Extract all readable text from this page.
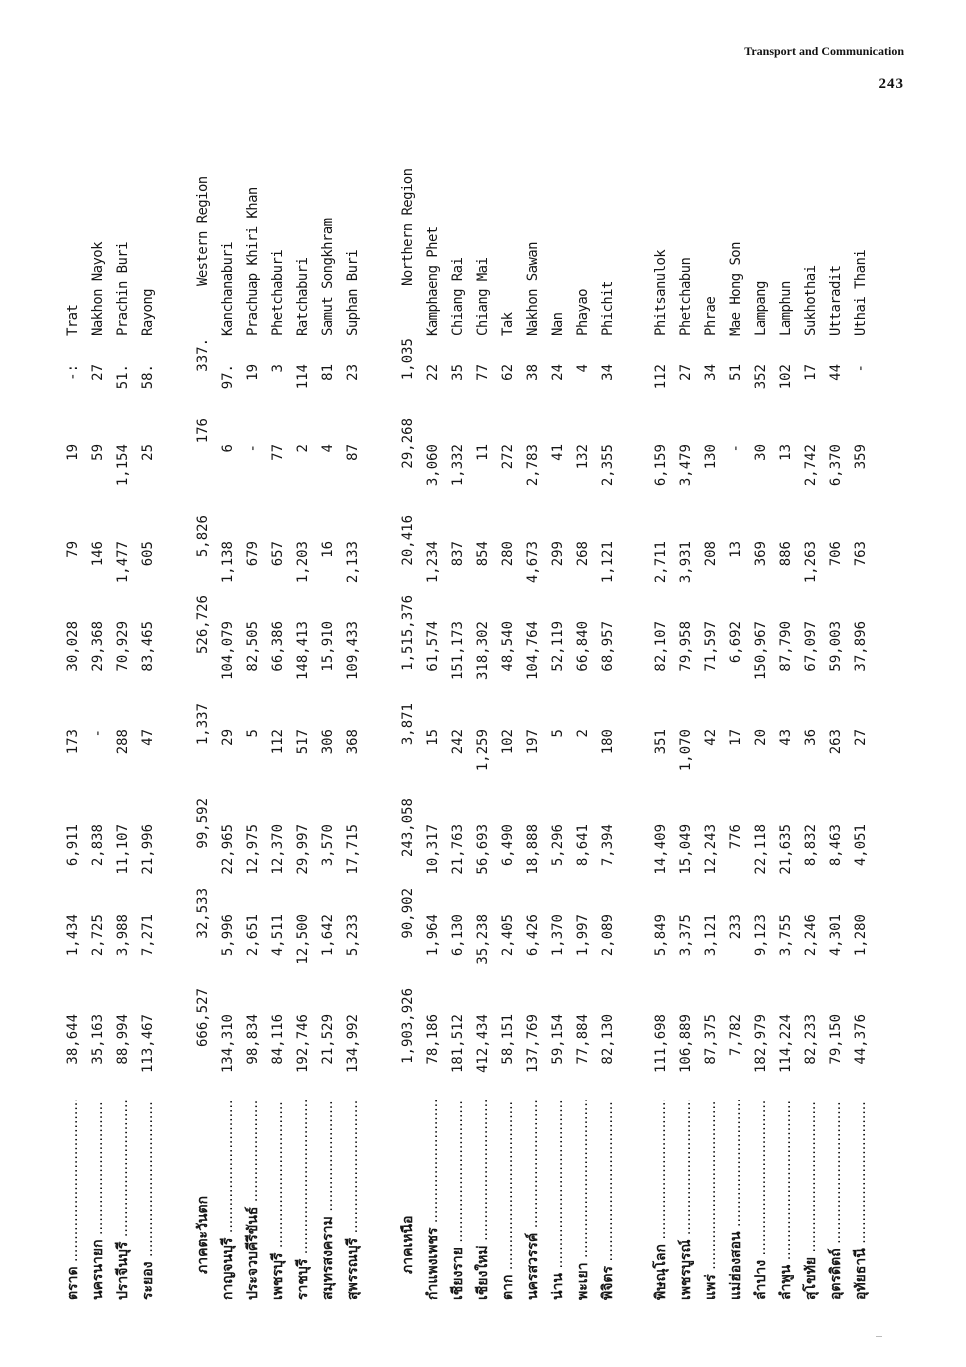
Transport and Communication
243
ตราด .....
38,644
1,434
6,911
173
30,028
79
19
-:
Trat
นครนายก .....
35,163
2,725
2,838
-
29,368
146
59
27
Nakhon Nayok
ปราจีนบุรี .....
88,994
3,988
11,107
288
70,929
1,477
1,154
51.
Prachin Buri
ระยอง .....
113,467
7,271
21,996
47
83,465
605
25
58.
Rayong
ภาคตะวันตก
666,527
32,533
99,592
1,337
526,726
5,826
176
337.
Western Region
กาญจนบุรี .....
134,310
5,996
22,965
29
104,079
1,138
6
97.
Kanchanaburi
ประจวบคีรีขันธ์ .....
98,834
2,651
12,975
5
82,505
679
-
19
Prachuap Khiri Khan
เพชรบุรี .....
84,116
4,511
12,370
112
66,386
657
77
3
Phetchaburi
ราชบุรี .....
192,746
12,500
29,997
517
148,413
1,203
2
114
Ratchaburi
สมุทรสงคราม .....
21,529
1,642
3,570
306
15,910
16
4
81
Samut Songkhram
สุพรรณบุรี .....
134,992
5,233
17,715
368
109,433
2,133
87
23
Suphan Buri
ภาคเหนือ
1,903,926
90,902
243,058
3,871
1,515,376
20,416
29,268
1,035
Northern Region
กำแพงเพชร .....
78,186
1,964
10,317
15
61,574
1,234
3,060
22
Kamphaeng Phet
เชียงราย .....
181,512
6,130
21,763
242
151,173
837
1,332
35
Chiang Rai
เชียงใหม่ .....
412,434
35,238
56,693
1,259
318,302
854
11
77
Chiang Mai
ตาก .....
58,151
2,405
6,490
102
48,540
280
272
62
Tak
นครสวรรค์ .....
137,769
6,426
18,888
197
104,764
4,673
2,783
38
Nakhon Sawan
น่าน .....
59,154
1,370
5,296
5
52,119
299
41
24
Nan
พะเยา .....
77,884
1,997
8,641
2
66,840
268
132
4
Phayao
พิจิตร .....
82,130
2,089
7,394
180
68,957
1,121
2,355
34
Phichit
พิษณุโลก .....
111,698
5,849
14,409
351
82,107
2,711
6,159
112
Phitsanulok
เพชรบูรณ์ .....
106,889
3,375
15,049
1,070
79,958
3,931
3,479
27
Phetchabun
แพร่ .....
87,375
3,121
12,243
42
71,597
208
130
34
Phrae
แม่ฮ่องสอน .....
7,782
233
776
17
6,692
13
-
51
Mae Hong Son
ลำปาง .....
182,979
9,123
22,118
20
150,967
369
30
352
Lampang
ลำพูน .....
114,224
3,755
21,635
43
87,790
886
13
102
Lamphun
สุโขทัย .....
82,233
2,246
8,832
36
67,097
1,263
2,742
17
Sukhothai
อุตรดิตถ์ .....
79,150
4,301
8,463
263
59,003
706
6,370
44
Uttaradit
อุทัยธานี .....
44,376
1,280
4,051
27
37,896
763
359
-
Uthai Thani
